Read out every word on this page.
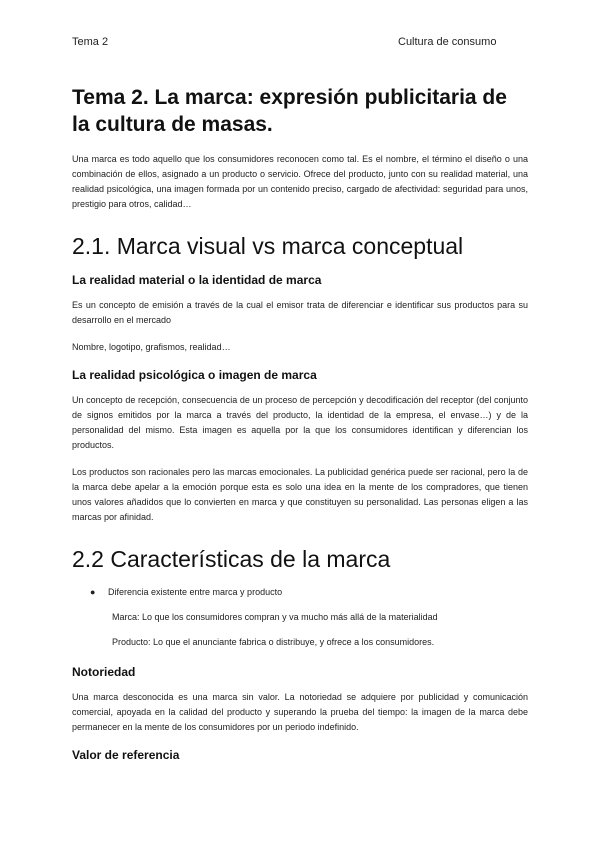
Tema 2	Cultura de consumo
Tema 2. La marca: expresión publicitaria de la cultura de masas.

Una marca es todo aquello que los consumidores reconocen como tal. Es el nombre, el término el diseño o una combinación de ellos, asignado a un producto o servicio. Ofrece del producto, junto con su realidad material, una realidad psicológica, una imagen formada por un contenido preciso, cargado de afectividad: seguridad para unos, prestigio para otros, calidad…

2.1. Marca visual vs marca conceptual
La realidad material o la identidad de marca

Es un concepto de emisión a través de la cual el emisor trata de diferenciar e identificar sus productos para su desarrollo en el mercado

Nombre, logotipo, grafismos, realidad…

La realidad psicológica o imagen de marca

Un concepto de recepción, consecuencia de un proceso de percepción y decodificación del receptor (del conjunto de signos emitidos por la marca a través del producto, la identidad de la empresa, el envase…) y de la personalidad del mismo. Esta imagen es aquella por la que los consumidores identifican y diferencian los productos.

Los productos son racionales pero las marcas emocionales. La publicidad genérica puede ser racional, pero la de la marca debe apelar a la emoción porque esta es solo una idea en la mente de los compradores, que tienen unos valores añadidos que lo convierten en marca y que constituyen su personalidad. Las personas eligen a las marcas por afinidad.

2.2 Características de la marca
● Diferencia existente entre marca y producto

Marca: Lo que los consumidores compran y va mucho más allá de la materialidad

Producto: Lo que el anunciante fabrica o distribuye, y ofrece a los consumidores.

Notoriedad

Una marca desconocida es una marca sin valor. La notoriedad se adquiere por publicidad y comunicación comercial, apoyada en la calidad del producto y superando la prueba del tiempo: la imagen de la marca debe permanecer en la mente de los consumidores por un periodo indefinido.

Valor de referencia
